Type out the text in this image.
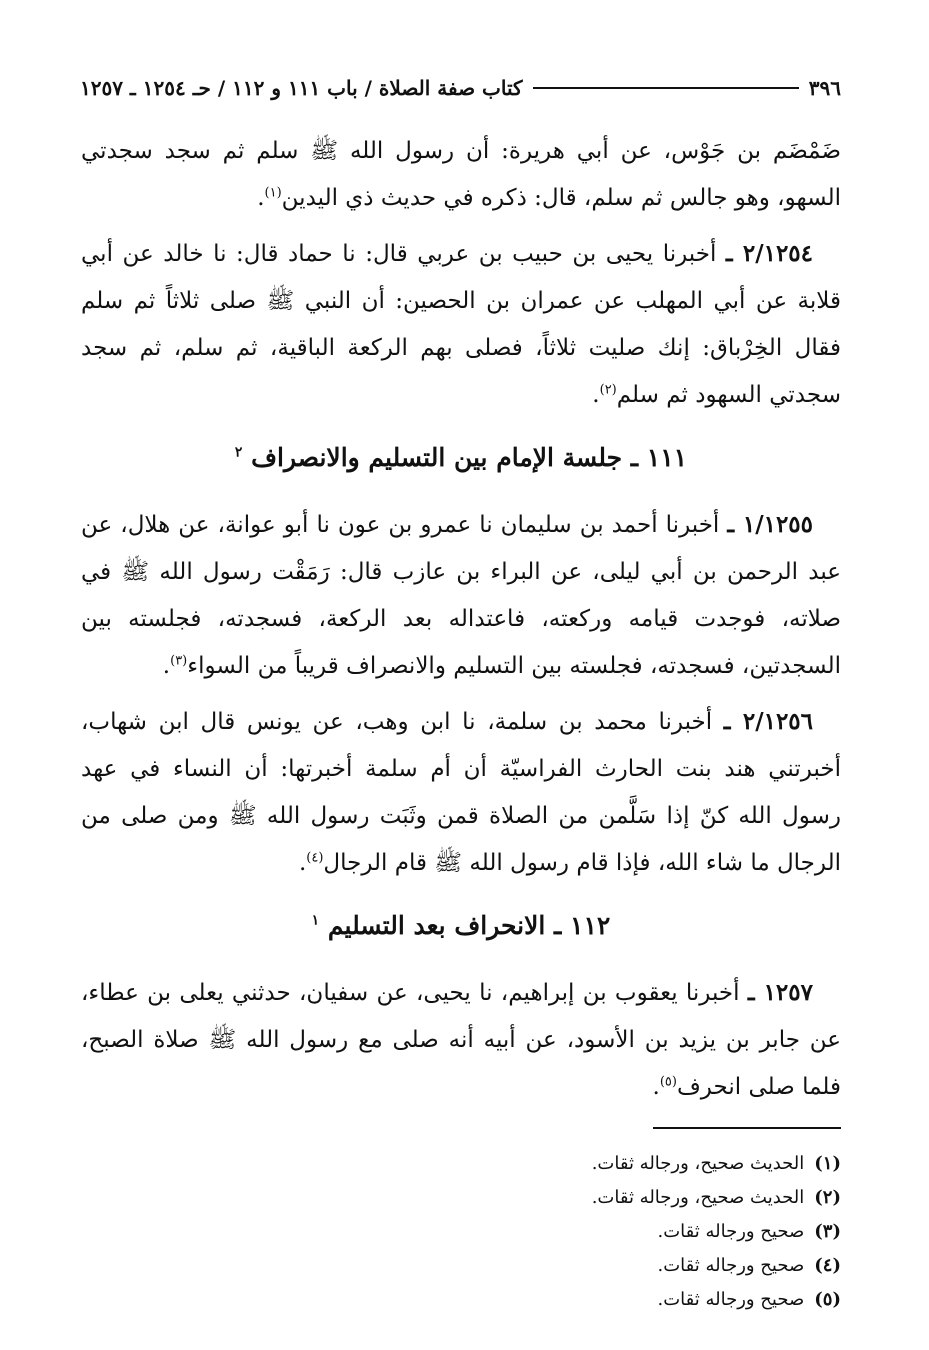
٣٩٦
كتاب صفة الصلاة / باب ١١١ و ١١٢ / حـ ١٢٥٤ ـ ١٢٥٧

ضَمْضَم بن جَوْس، عن أبي هريرة: أن رسول الله ﷺ سلم ثم سجد سجدتي السهو، وهو جالس ثم سلم، قال: ذكره في حديث ذي اليدين$^{(١)}$.

٢/١٢٥٤ ـ أخبرنا يحيى بن حبيب بن عربي قال: نا حماد قال: نا خالد عن أبي قلابة عن أبي المهلب عن عمران بن الحصين: أن النبي ﷺ صلى ثلاثاً ثم سلم فقال الخِرْباق: إنك صليت ثلاثاً، فصلى بهم الركعة الباقية، ثم سلم، ثم سجد سجدتي السهود ثم سلم$^{(٢)}$.

١١١ ـ جلسة الإمام بين التسليم والانصراف $^٢$

١/١٢٥٥ ـ أخبرنا أحمد بن سليمان نا عمرو بن عون نا أبو عوانة، عن هلال، عن عبد الرحمن بن أبي ليلى، عن البراء بن عازب قال: رَمَقْت رسول الله ﷺ في صلاته، فوجدت قيامه وركعته، فاعتداله بعد الركعة، فسجدته، فجلسته بين السجدتين، فسجدته، فجلسته بين التسليم والانصراف قريباً من السواء$^{(٣)}$.

٢/١٢٥٦ ـ أخبرنا محمد بن سلمة، نا ابن وهب، عن يونس قال ابن شهاب، أخبرتني هند بنت الحارث الفراسيّة أن أم سلمة أخبرتها: أن النساء في عهد رسول الله كنّ إذا سَلَّمن من الصلاة قمن وثَبَت رسول الله ﷺ ومن صلى من الرجال ما شاء الله، فإذا قام رسول الله ﷺ قام الرجال$^{(٤)}$.

١١٢ ـ الانحراف بعد التسليم $^١$

١٢٥٧ ـ أخبرنا يعقوب بن إبراهيم، نا يحيى، عن سفيان، حدثني يعلى بن عطاء، عن جابر بن يزيد بن الأسود، عن أبيه أنه صلى مع رسول الله ﷺ صلاة الصبح، فلما صلى انحرف$^{(٥)}$.

(١)الحديث صحيح، ورجاله ثقات.
(٢)الحديث صحيح، ورجاله ثقات.
(٣)صحيح ورجاله ثقات.
(٤)صحيح ورجاله ثقات.
(٥)صحيح ورجاله ثقات.
